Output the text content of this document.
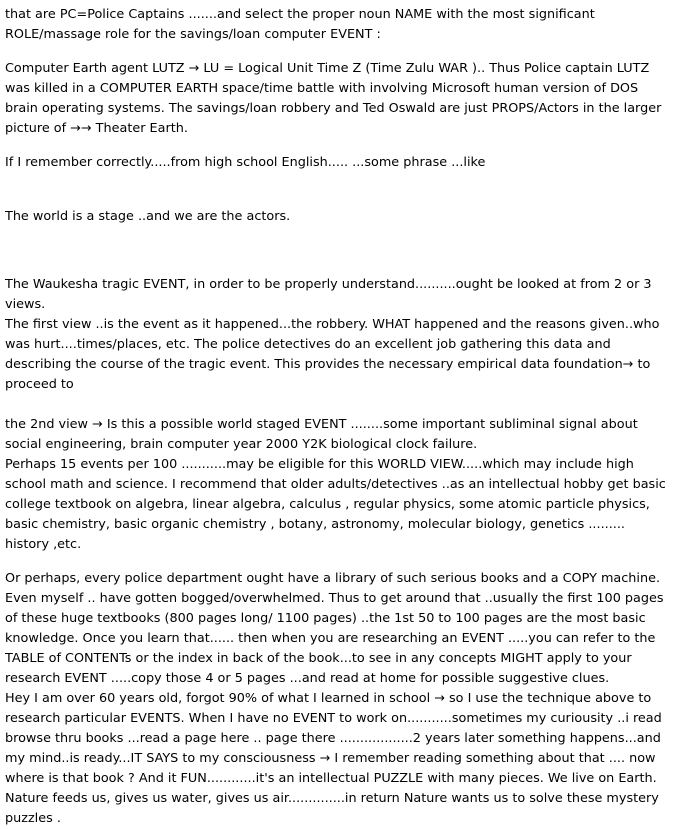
that are PC=Police Captains .......and select the proper noun NAME with the most significant ROLE/massage role for the savings/loan computer EVENT :

Computer Earth agent LUTZ → LU = Logical Unit Time Z (Time Zulu WAR ).. Thus Police captain LUTZ was killed in a COMPUTER EARTH space/time battle with involving Microsoft human version of DOS brain operating systems. The savings/loan robbery and Ted Oswald are just PROPS/Actors in the larger picture of →→ Theater Earth.

If I remember correctly.....from high school English..... ...some phrase ...like

The world is a stage ..and we are the actors.

The Waukesha tragic EVENT, in order to be properly understand..........ought be looked at from 2 or 3 views.

The first view ..is the event as it happened...the robbery. WHAT happened and the reasons given..who was hurt....times/places, etc. The police detectives do an excellent job gathering this data and describing the course of the tragic event. This provides the necessary empirical data foundation→ to proceed to

the 2nd view → Is this a possible world staged EVENT ........some important subliminal signal about social engineering, brain computer year 2000 Y2K biological clock failure.

Perhaps 15 events per 100 ...........may be eligible for this WORLD VIEW.....which may include high school math and science. I recommend that older adults/detectives ..as an intellectual hobby get basic college textbook on algebra, linear algebra, calculus , regular physics, some atomic particle physics, basic chemistry, basic organic chemistry , botany, astronomy, molecular biology, genetics ......... history ,etc.

Or perhaps, every police department ought have a library of such serious books and a COPY machine. Even myself .. have gotten bogged/overwhelmed. Thus to get around that ..usually the first 100 pages of these huge textbooks (800 pages long/ 1100 pages) ..the 1st 50 to 100 pages are the most basic knowledge. Once you learn that...... then when you are researching an EVENT .....you can refer to the TABLE of CONTENTs or the index in back of the book...to see in any concepts MIGHT apply to your research EVENT .....copy those 4 or 5 pages ...and read at home for possible suggestive clues.

Hey I am over 60 years old, forgot 90% of what I learned in school → so I use the technique above to research particular EVENTS. When I have no EVENT to work on...........sometimes my curiousity ..i read browse thru books ...read a page here .. page there ..................2 years later something happens...and my mind..is ready...IT SAYS to my consciousness → I remember reading something about that .... now where is that book ? And it FUN............it's an intellectual PUZZLE with many pieces. We live on Earth. Nature feeds us, gives us water, gives us air..............in return Nature wants us to solve these mystery puzzles .
